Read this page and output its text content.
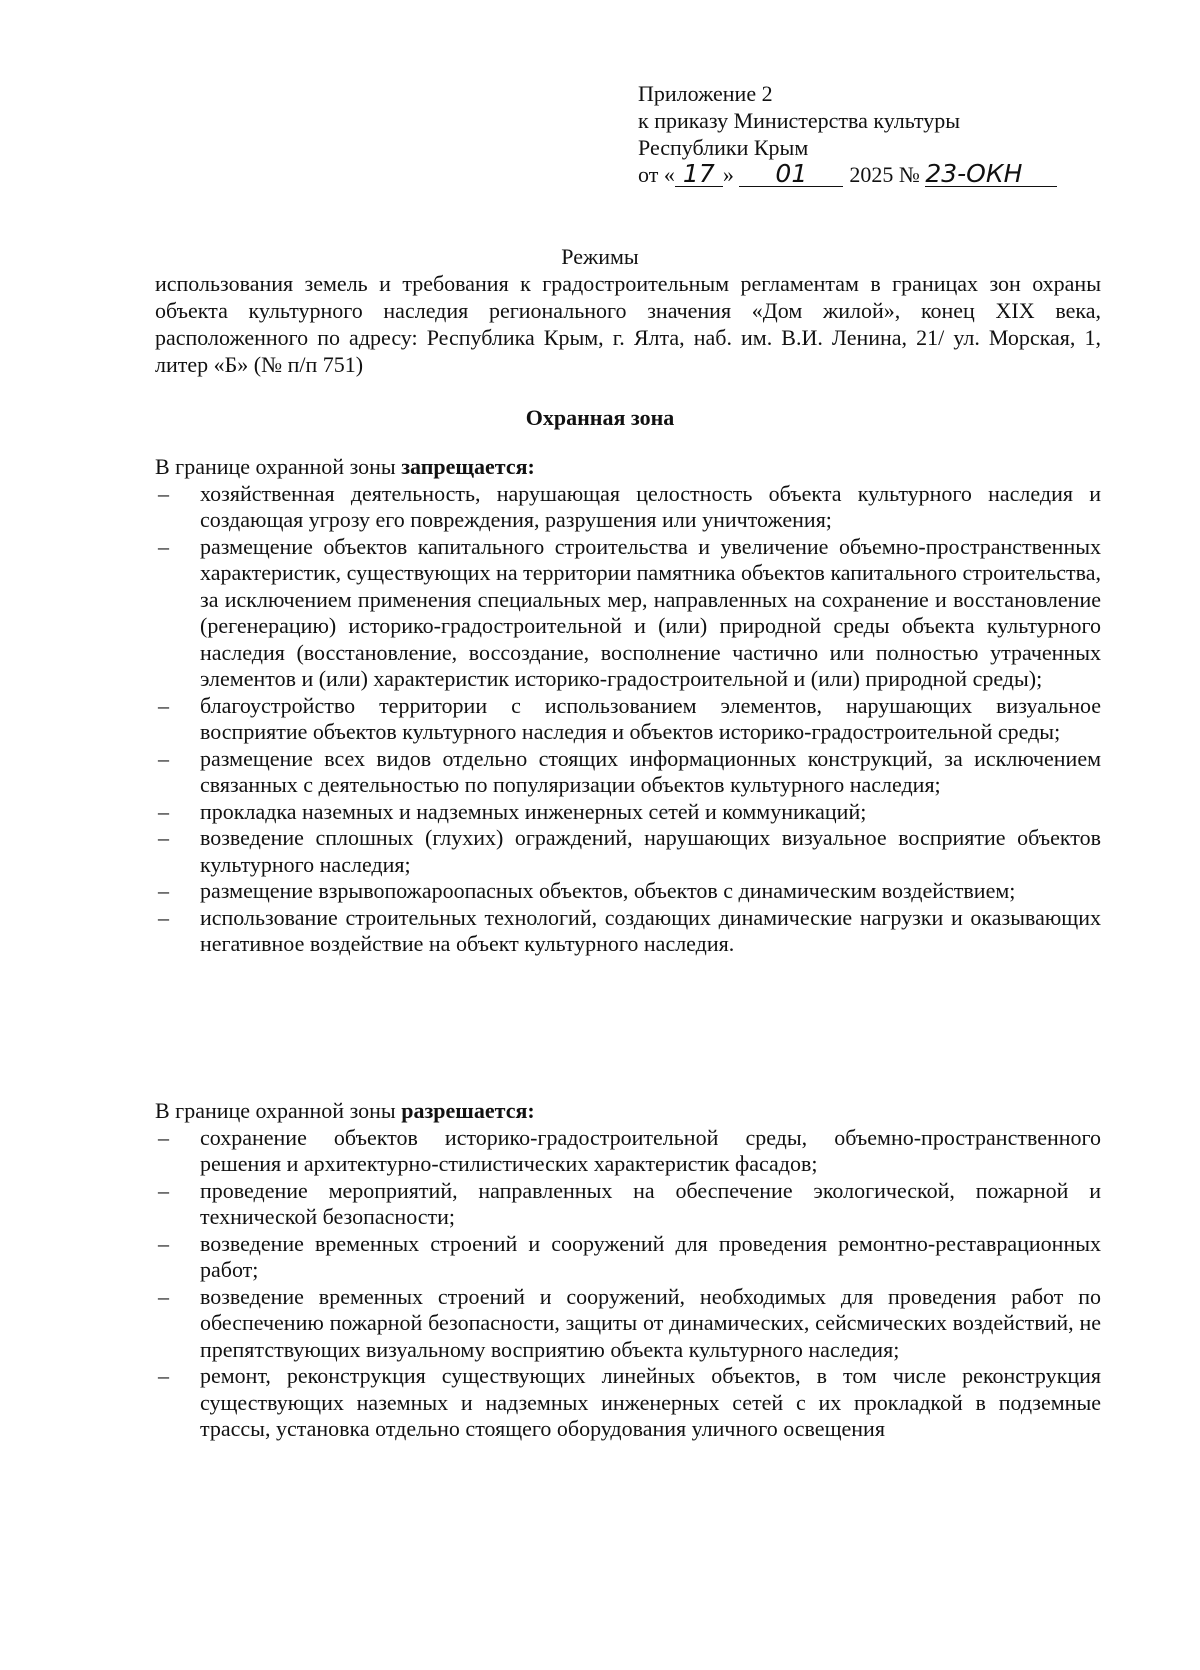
Приложение 2
к приказу Министерства культуры
Республики Крым
от « 17 » 01 2025 № 23-ОКН
Режимы
использования земель и требования к градостроительным регламентам в границах зон охраны объекта культурного наследия регионального значения «Дом жилой», конец XIX века, расположенного по адресу: Республика Крым, г. Ялта, наб. им. В.И. Ленина, 21/ ул. Морская, 1, литер «Б» (№ п/п 751)
Охранная зона

В границе охранной зоны запрещается:

– хозяйственная деятельность, нарушающая целостность объекта культурного наследия и создающая угрозу его повреждения, разрушения или уничтожения;
– размещение объектов капитального строительства и увеличение объемно-пространственных характеристик, существующих на территории памятника объектов капитального строительства, за исключением применения специальных мер, направленных на сохранение и восстановление (регенерацию) историко-градостроительной и (или) природной среды объекта культурного наследия (восстановление, воссоздание, восполнение частично или полностью утраченных элементов и (или) характеристик историко-градостроительной и (или) природной среды);
– благоустройство территории с использованием элементов, нарушающих визуальное восприятие объектов культурного наследия и объектов историко-градостроительной среды;
– размещение всех видов отдельно стоящих информационных конструкций, за исключением связанных с деятельностью по популяризации объектов культурного наследия;
– прокладка наземных и надземных инженерных сетей и коммуникаций;
– возведение сплошных (глухих) ограждений, нарушающих визуальное восприятие объектов культурного наследия;
– размещение взрывопожароопасных объектов, объектов с динамическим воздействием;
– использование строительных технологий, создающих динамические нагрузки и оказывающих негативное воздействие на объект культурного наследия.

В границе охранной зоны разрешается:

– сохранение объектов историко-градостроительной среды, объемно-пространственного решения и архитектурно-стилистических характеристик фасадов;
– проведение мероприятий, направленных на обеспечение экологической, пожарной и технической безопасности;
– возведение временных строений и сооружений для проведения ремонтно-реставрационных работ;
– возведение временных строений и сооружений, необходимых для проведения работ по обеспечению пожарной безопасности, защиты от динамических, сейсмических воздействий, не препятствующих визуальному восприятию объекта культурного наследия;
– ремонт, реконструкция существующих линейных объектов, в том числе реконструкция существующих наземных и надземных инженерных сетей с их прокладкой в подземные трассы, установка отдельно стоящего оборудования уличного освещения
